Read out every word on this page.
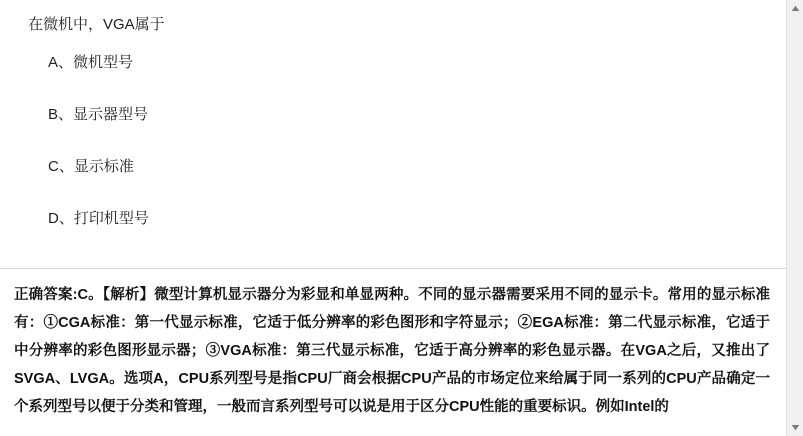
在微机中，VGA属于

A、微机型号
B、显示器型号
C、显示标准
D、打印机型号
正确答案:C。【解析】微型计算机显示器分为彩显和单显两种。不同的显示器需要采用不同的显示卡。常用的显示标准有：①CGA标准：第一代显示标准，它适于低分辨率的彩色图形和字符显示；②EGA标准：第二代显示标准，它适于中分辨率的彩色图形显示器；③VGA标准：第三代显示标准，它适于高分辨率的彩色显示器。在VGA之后，又推出了SVGA、LVGA。选项A，CPU系列型号是指CPU厂商会根据CPU产品的市场定位来给属于同一系列的CPU产品确定一个系列型号以便于分类和管理，一般而言系列型号可以说是用于区分CPU性能的重要标识。例如Intel的
